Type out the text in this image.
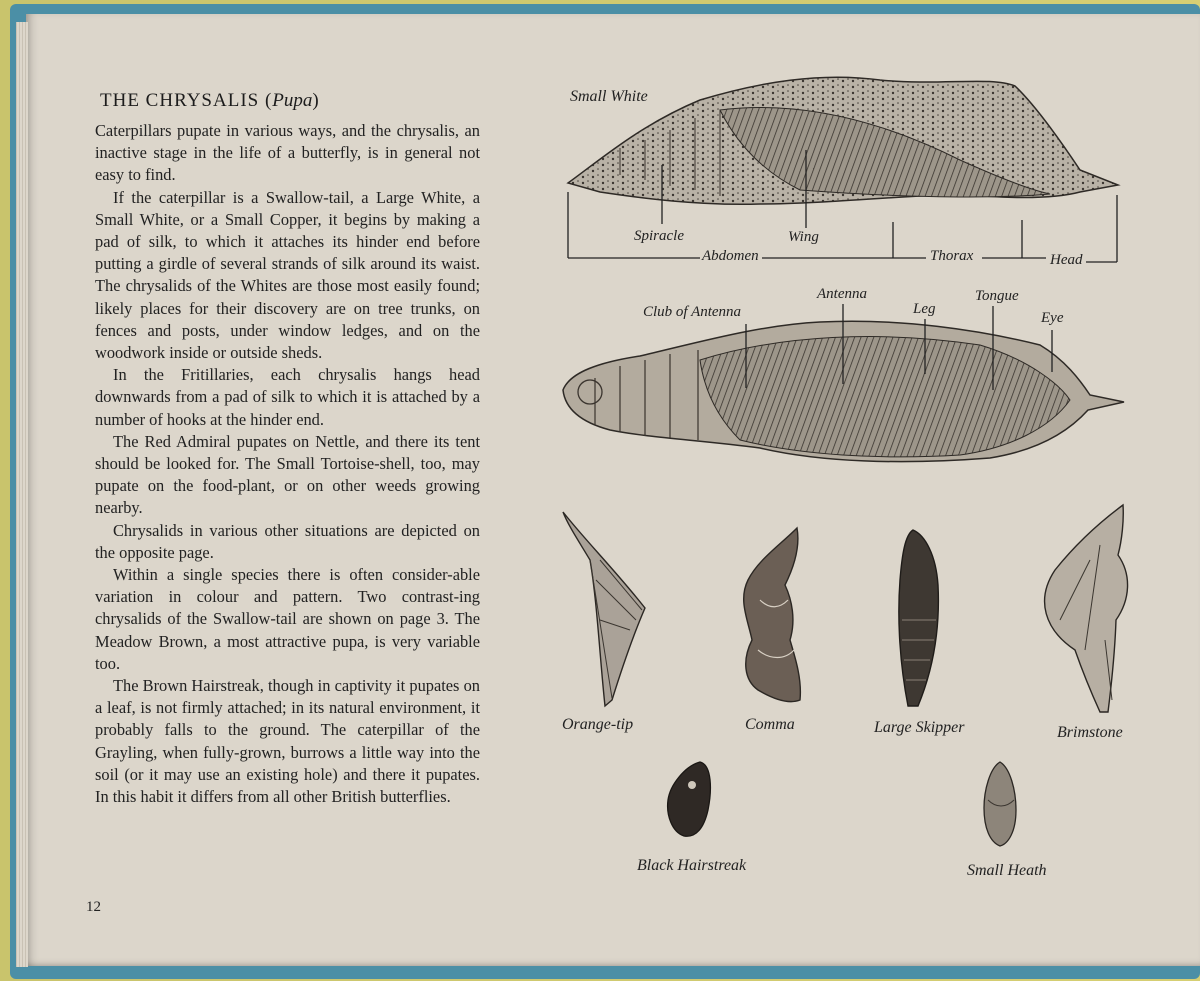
THE CHRYSALIS (Pupa)

Caterpillars pupate in various ways, and the chrysalis, an inactive stage in the life of a butterfly, is in general not easy to find.

If the caterpillar is a Swallow-tail, a Large White, a Small White, or a Small Copper, it begins by making a pad of silk, to which it attaches its hinder end before putting a girdle of several strands of silk around its waist. The chrysalids of the Whites are those most easily found; likely places for their discovery are on tree trunks, on fences and posts, under window ledges, and on the woodwork inside or outside sheds.

In the Fritillaries, each chrysalis hangs head downwards from a pad of silk to which it is attached by a number of hooks at the hinder end.

The Red Admiral pupates on Nettle, and there its tent should be looked for. The Small Tortoise-shell, too, may pupate on the food-plant, or on other weeds growing nearby.

Chrysalids in various other situations are depicted on the opposite page.

Within a single species there is often consider-able variation in colour and pattern. Two contrast-ing chrysalids of the Swallow-tail are shown on page 3. The Meadow Brown, a most attractive pupa, is very variable too.

The Brown Hairstreak, though in captivity it pupates on a leaf, is not firmly attached; in its natural environment, it probably falls to the ground. The caterpillar of the Grayling, when fully-grown, burrows a little way into the soil (or it may use an existing hole) and there it pupates. In this habit it differs from all other British butterflies.

12
Small White
Spiracle	Wing
Abdomen	Thorax	Head
Club of Antenna
Antenna
Leg
Tongue
Eye
Orange-tip	Comma	Large Skipper	Brimstone
Black Hairstreak	Small Heath
